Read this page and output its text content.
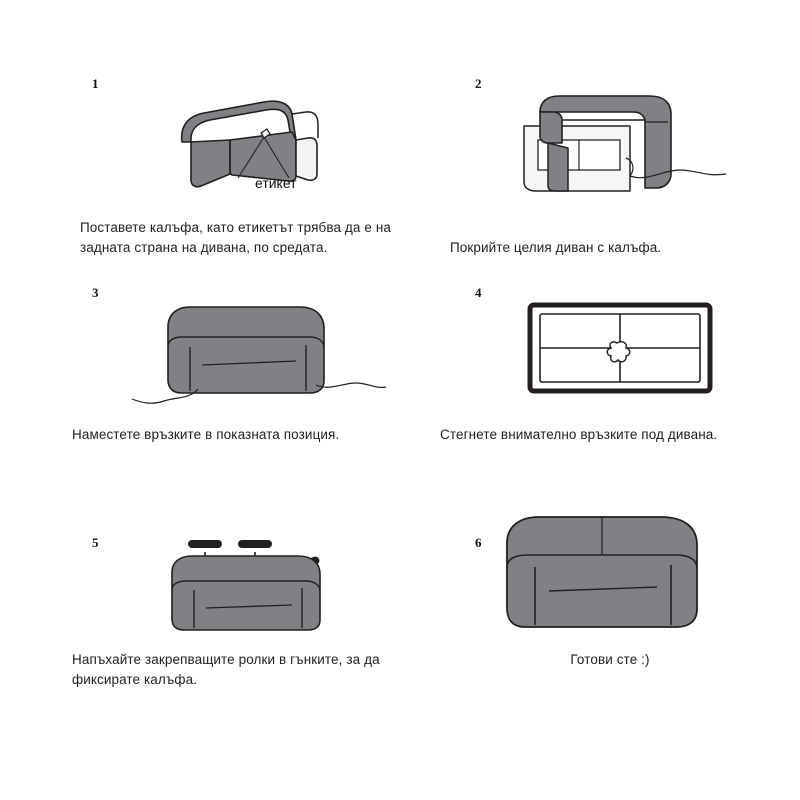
1
етикет
Поставете калъфа, като етикетът трябва да е на задната страна на дивана, по средата.
2
Покрийте целия диван с калъфа.
3
Наместете връзките в показната позиция.
4
Стегнете внимателно връзките под дивана.
5
Напъхайте закрепващите ролки в гънките, за да фиксирате калъфа.
6
Готови сте :)
